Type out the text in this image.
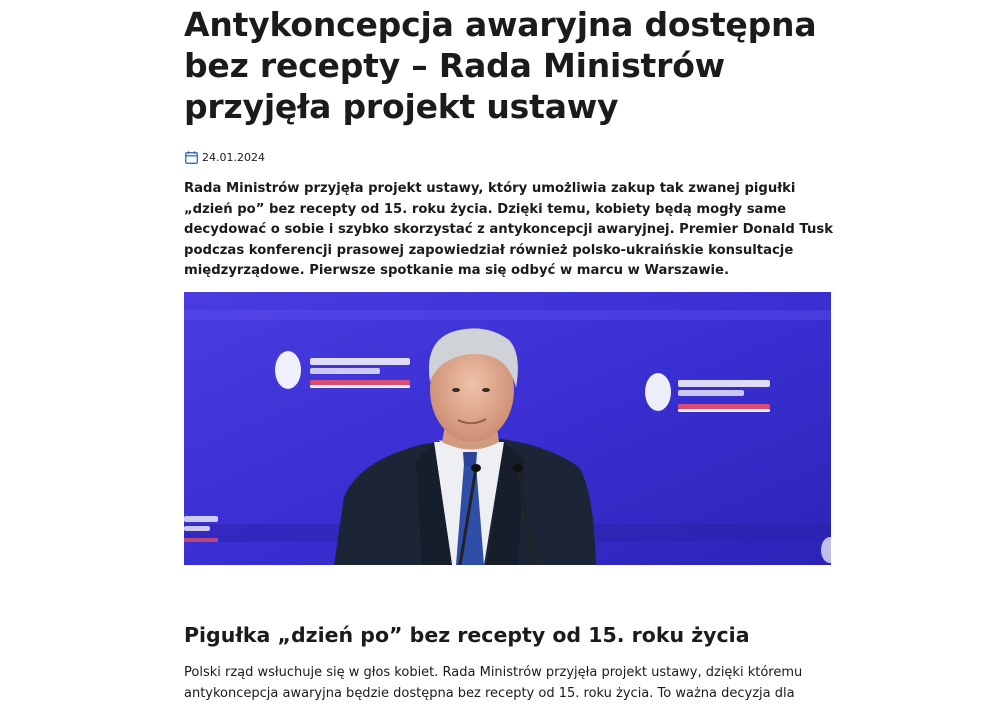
Antykoncepcja awaryjna dostępna bez recepty – Rada Ministrów przyjęła projekt ustawy
24.01.2024

Rada Ministrów przyjęła projekt ustawy, który umożliwia zakup tak zwanej pigułki „dzień po” bez recepty od 15. roku życia. Dzięki temu, kobiety będą mogły same decydować o sobie i szybko skorzystać z antykoncepcji awaryjnej. Premier Donald Tusk podczas konferencji prasowej zapowiedział również polsko-ukraińskie konsultacje międzyrządowe. Pierwsze spotkanie ma się odbyć w marcu w Warszawie.

Pigułka „dzień po” bez recepty od 15. roku życia

Polski rząd wsłuchuje się w głos kobiet. Rada Ministrów przyjęła projekt ustawy, dzięki któremu antykoncepcja awaryjna będzie dostępna bez recepty od 15. roku życia. To ważna decyzja dla
